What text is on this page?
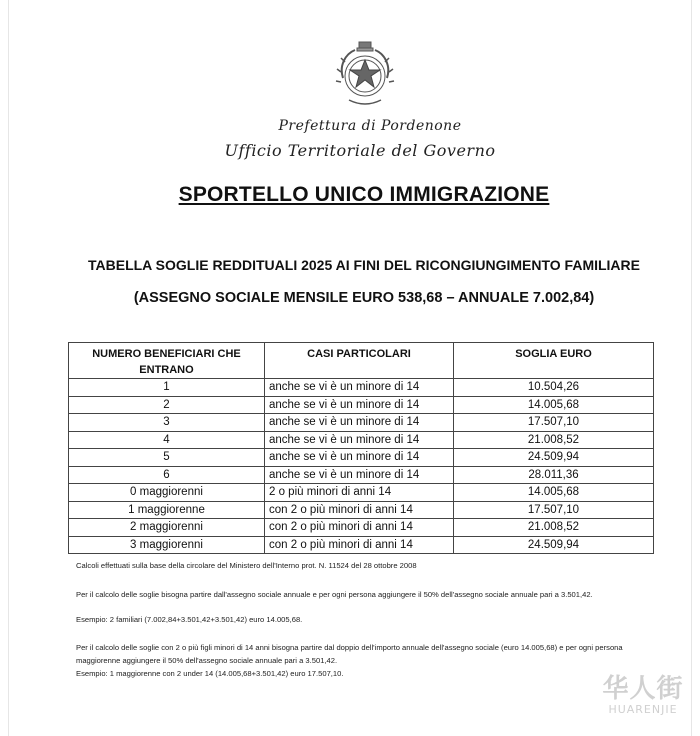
Prefettura di Pordenone
Ufficio Territoriale del Governo
SPORTELLO UNICO IMMIGRAZIONE
TABELLA SOGLIE REDDITUALI 2025 AI FINI DEL RICONGIUNGIMENTO FAMILIARE
(ASSEGNO SOCIALE MENSILE EURO 538,68 – ANNUALE 7.002,84)
NUMERO BENEFICIARI CHE ENTRANO	CASI PARTICOLARI	SOGLIA EURO
1	anche se vi è un minore di 14	10.504,26
2	anche se vi è un minore di 14	14.005,68
3	anche se vi è un minore di 14	17.507,10
4	anche se vi è un minore di 14	21.008,52
5	anche se vi è un minore di 14	24.509,94
6	anche se vi è un minore di 14	28.011,36
0 maggiorenni	2 o più minori di anni 14	14.005,68
1 maggiorenne	con 2 o più minori di anni 14	17.507,10
2 maggiorenni	con 2 o più minori di anni 14	21.008,52
3 maggiorenni	con 2 o più minori di anni 14	24.509,94
Calcoli effettuati sulla base della circolare del Ministero dell'Interno prot. N. 11524 del 28 ottobre 2008
Per il calcolo delle soglie bisogna partire dall'assegno sociale annuale e per ogni persona aggiungere il 50% dell'assegno sociale annuale pari a 3.501,42.
Esempio: 2 familiari (7.002,84+3.501,42+3.501,42) euro 14.005,68.
Per il calcolo delle soglie con 2 o più figli minori di 14 anni bisogna partire dal doppio dell'importo annuale dell'assegno sociale (euro 14.005,68) e per ogni persona maggiorenne aggiungere il 50% dell'assegno sociale annuale pari a 3.501,42.
Esempio: 1 maggiorenne con 2 under 14 (14.005,68+3.501,42) euro 17.507,10.
华人街
HUARENJIE
